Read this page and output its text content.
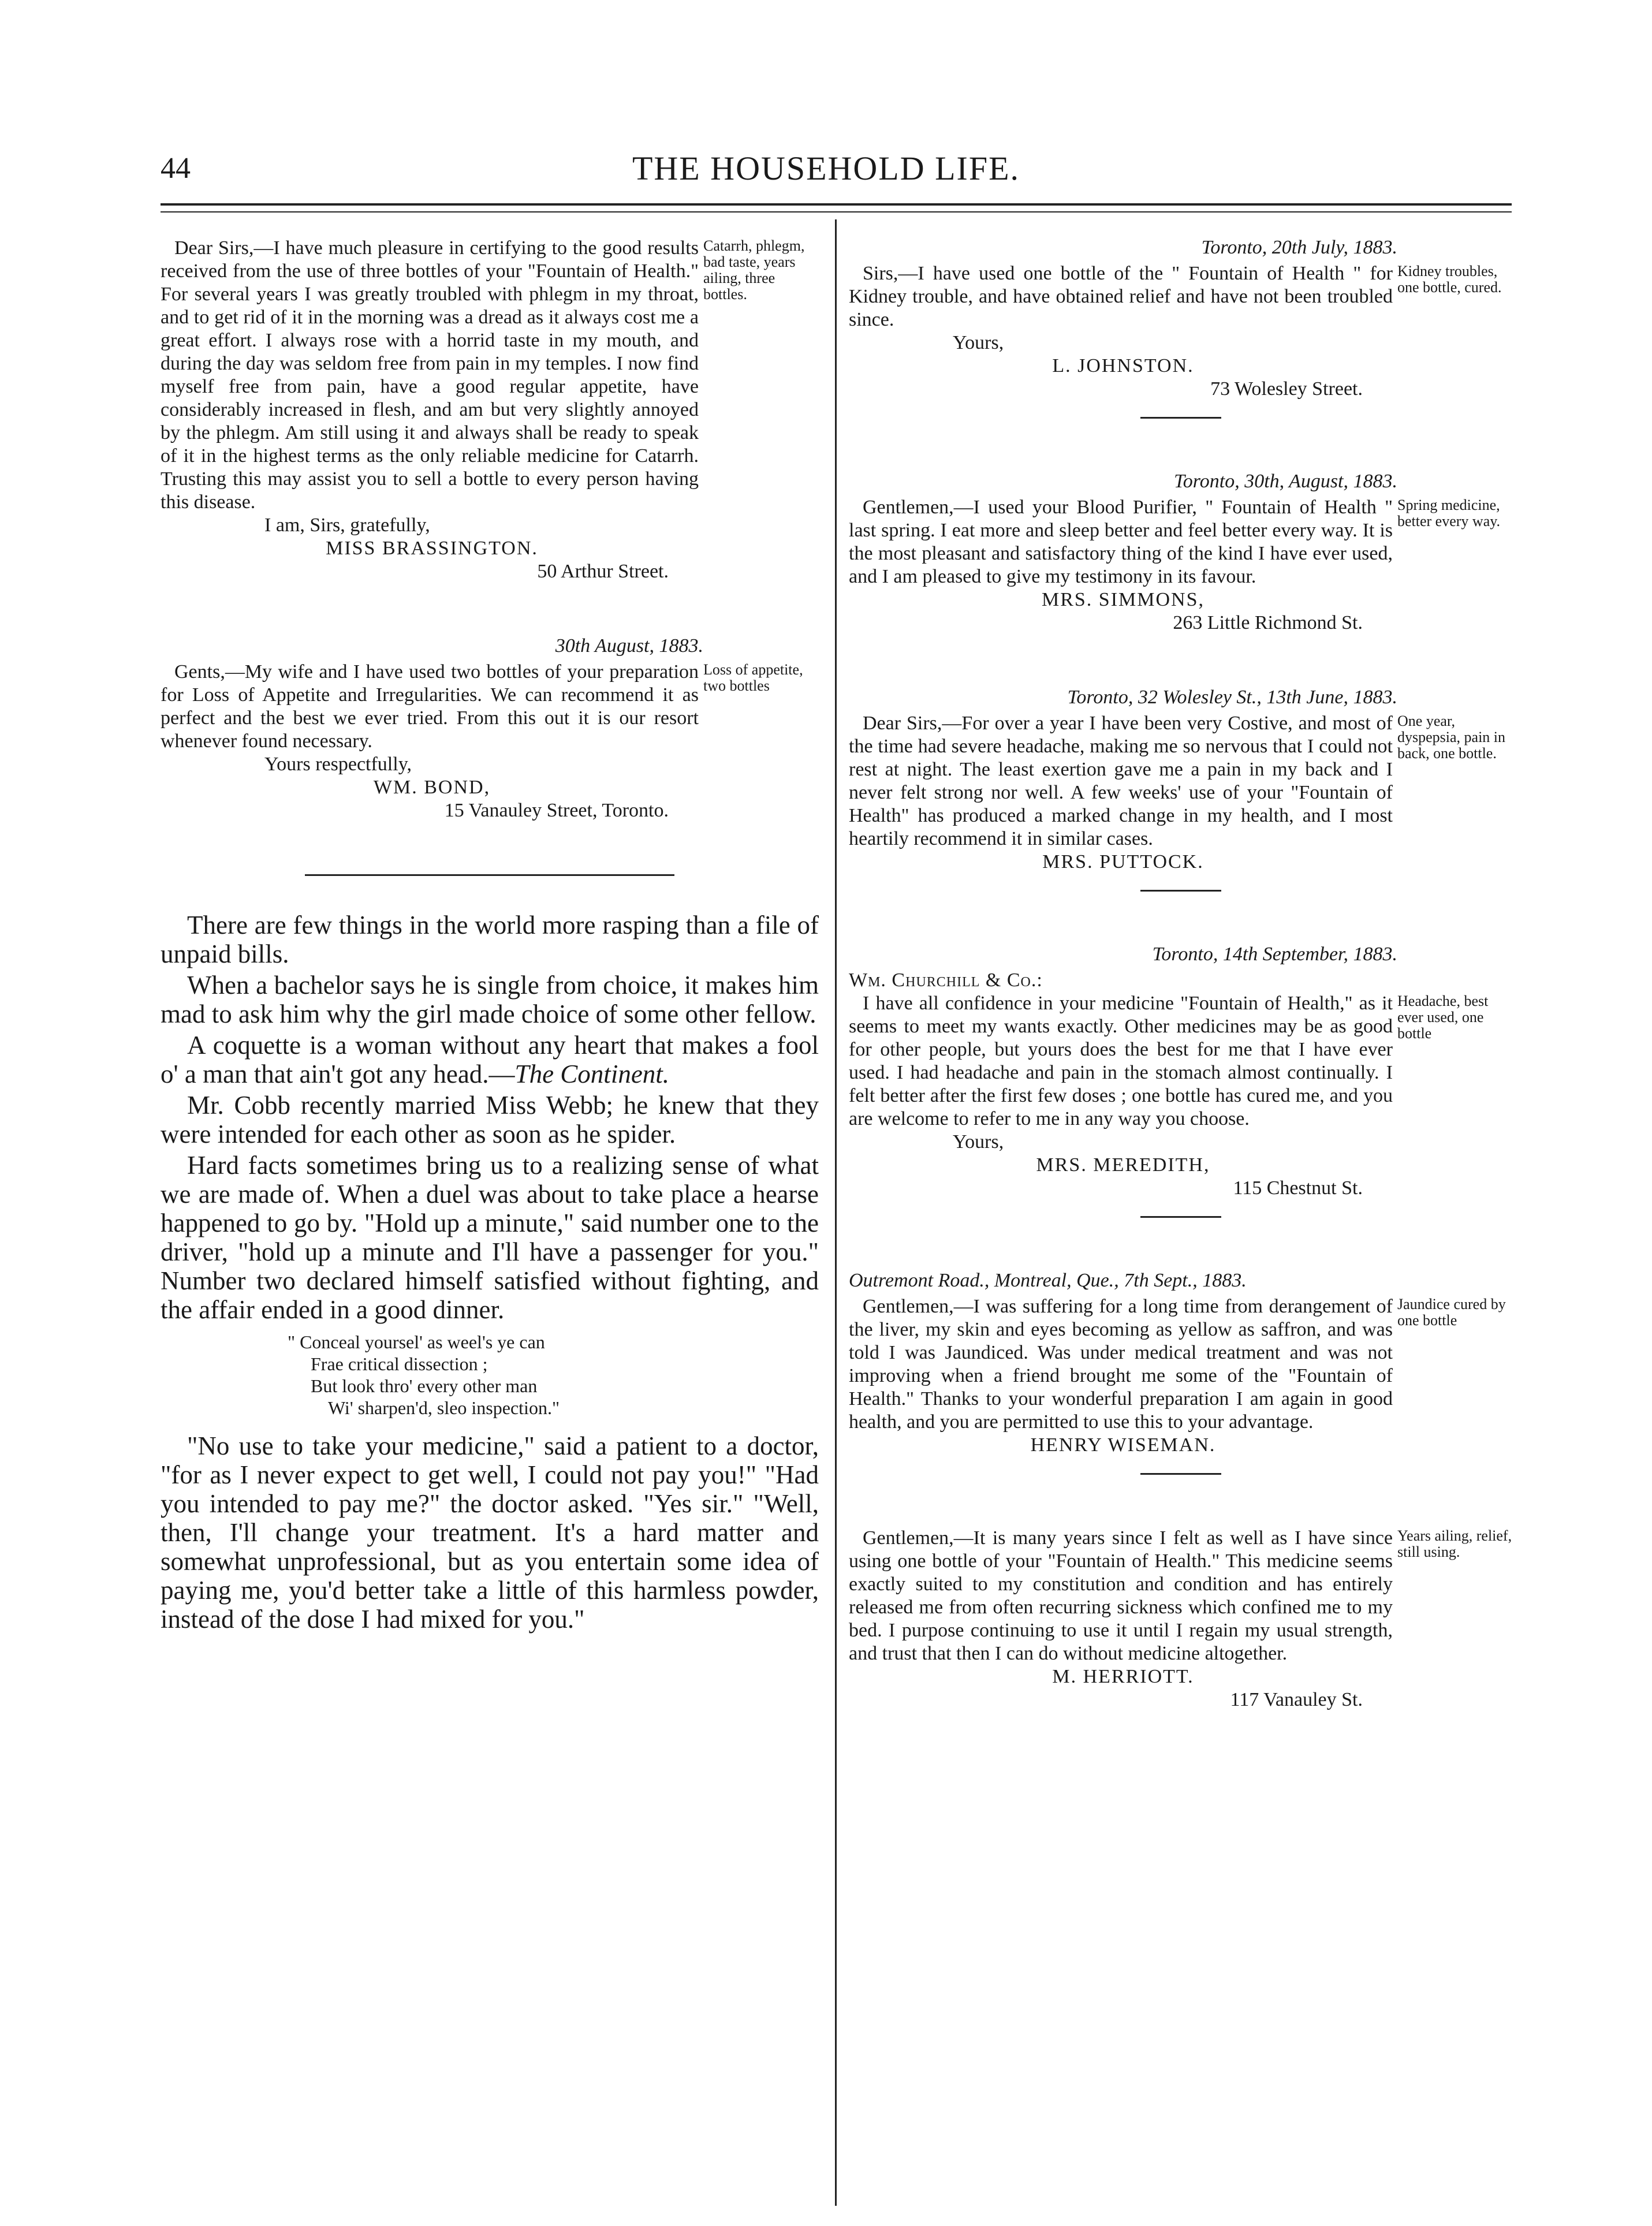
44	THE HOUSEHOLD LIFE.

Dear Sirs,—I have much pleasure in certifying to the good results received from the use of three bottles of your "Fountain of Health." For several years I was greatly troubled with phlegm in my throat, and to get rid of it in the morning was a dread as it always cost me a great effort. I always rose with a horrid taste in my mouth, and during the day was seldom free from pain in my temples. I now find myself free from pain, have a good regular appetite, have considerably increased in flesh, and am but very slightly annoyed by the phlegm. Am still using it and always shall be ready to speak of it in the highest terms as the only reliable medicine for Catarrh. Trusting this may assist you to sell a bottle to every person having this disease.

Catarrh, phlegm, bad taste, years ailing, three bottles.
I am, Sirs, gratefully,
MISS BRASSINGTON.
50 Arthur Street.
30th August, 1883.

Gents,—My wife and I have used two bottles of your preparation for Loss of Appetite and Irregularities. We can recommend it as perfect and the best we ever tried. From this out it is our resort whenever found necessary.

Loss of appetite, two bottles
Yours respectfully,
WM. BOND,
15 Vanauley Street, Toronto.

There are few things in the world more rasping than a file of unpaid bills.

When a bachelor says he is single from choice, it makes him mad to ask him why the girl made choice of some other fellow.

A coquette is a woman without any heart that makes a fool o' a man that ain't got any head.—The Continent.

Mr. Cobb recently married Miss Webb; he knew that they were intended for each other as soon as he spider.

Hard facts sometimes bring us to a realizing sense of what we are made of. When a duel was about to take place a hearse happened to go by. "Hold up a minute," said number one to the driver, "hold up a minute and I'll have a passenger for you." Number two declared himself satisfied without fighting, and the affair ended in a good dinner.

" Conceal yoursel' as weel's ye can
Frae critical dissection ;
But look thro' every other man
Wi' sharpen'd, sleo inspection."

"No use to take your medicine," said a patient to a doctor, "for as I never expect to get well, I could not pay you!" "Had you intended to pay me?" the doctor asked. "Yes sir." "Well, then, I'll change your treatment. It's a hard matter and somewhat unprofessional, but as you entertain some idea of paying me, you'd better take a little of this harmless powder, instead of the dose I had mixed for you."

Toronto, 20th July, 1883.

Sirs,—I have used one bottle of the " Fountain of Health " for Kidney trouble, and have obtained relief and have not been troubled since.

Kidney troubles, one bottle, cured.
Yours,
L. JOHNSTON.
73 Wolesley Street.
Toronto, 30th, August, 1883.

Gentlemen,—I used your Blood Purifier, " Fountain of Health " last spring. I eat more and sleep better and feel better every way. It is the most pleasant and satisfactory thing of the kind I have ever used, and I am pleased to give my testimony in its favour.

Spring medicine, better every way.
MRS. SIMMONS,
263 Little Richmond St.
Toronto, 32 Wolesley St., 13th June, 1883.

Dear Sirs,—For over a year I have been very Costive, and most of the time had severe headache, making me so nervous that I could not rest at night. The least exertion gave me a pain in my back and I never felt strong nor well. A few weeks' use of your "Fountain of Health" has produced a marked change in my health, and I most heartily recommend it in similar cases.

One year, dyspepsia, pain in back, one bottle.
MRS. PUTTOCK.
Toronto, 14th September, 1883.
Wm. Churchill & Co.:

I have all confidence in your medicine "Fountain of Health," as it seems to meet my wants exactly. Other medicines may be as good for other people, but yours does the best for me that I have ever used. I had headache and pain in the stomach almost continually. I felt better after the first few doses ; one bottle has cured me, and you are welcome to refer to me in any way you choose.

Headache, best ever used, one bottle
Yours,
MRS. MEREDITH,
115 Chestnut St.
Outremont Road., Montreal, Que., 7th Sept., 1883.

Gentlemen,—I was suffering for a long time from derangement of the liver, my skin and eyes becoming as yellow as saffron, and was told I was Jaundiced. Was under medical treatment and was not improving when a friend brought me some of the "Fountain of Health." Thanks to your wonderful preparation I am again in good health, and you are permitted to use this to your advantage.

Jaundice cured by one bottle
HENRY WISEMAN.

Gentlemen,—It is many years since I felt as well as I have since using one bottle of your "Fountain of Health." This medicine seems exactly suited to my constitution and condition and has entirely released me from often recurring sickness which confined me to my bed. I purpose continuing to use it until I regain my usual strength, and trust that then I can do without medicine altogether.

Years ailing, relief, still using.
M. HERRIOTT.
117 Vanauley St.
